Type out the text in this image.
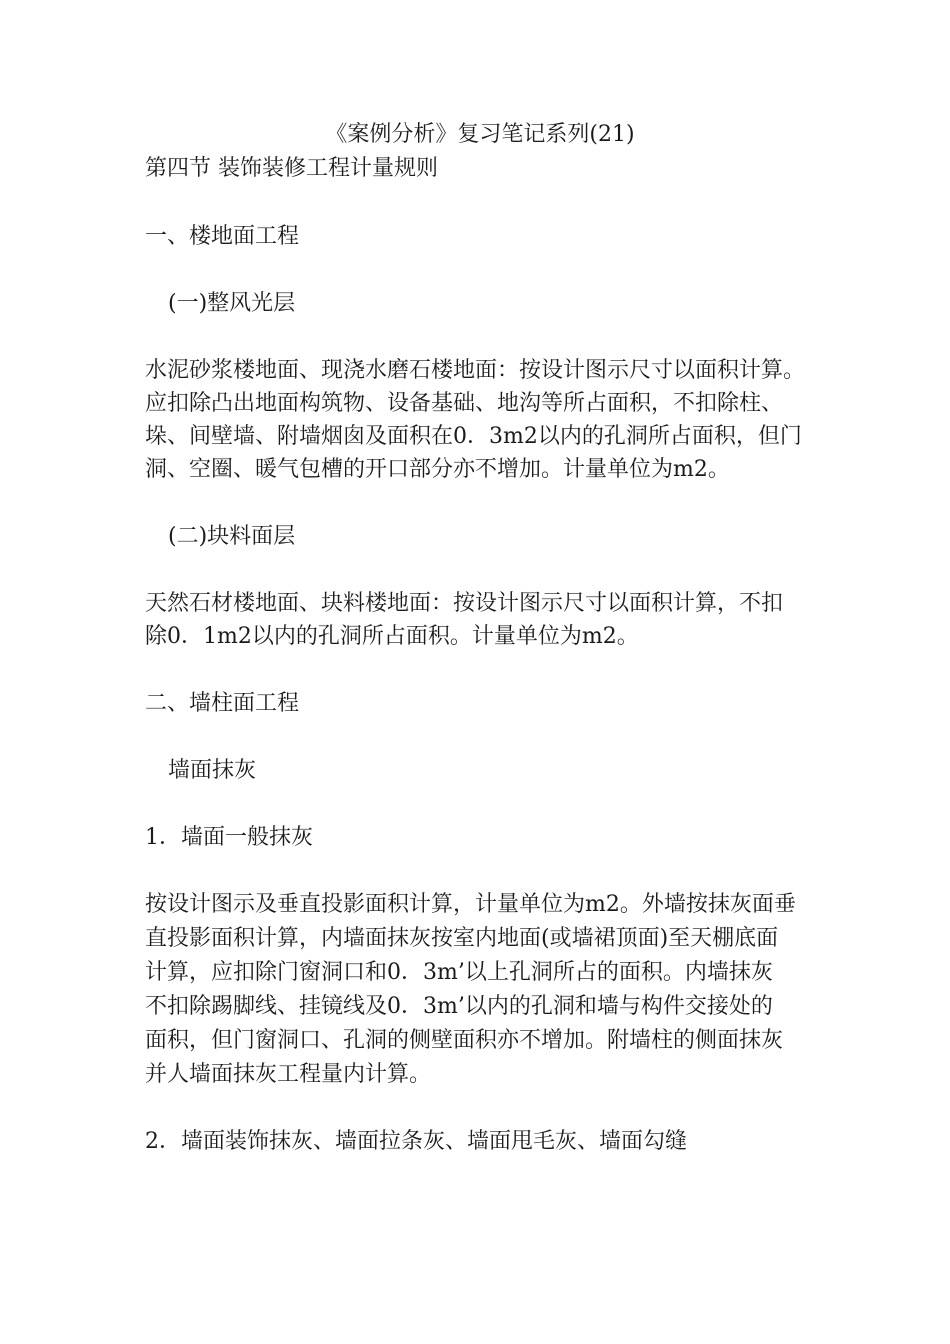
《案例分析》复习笔记系列(21)
第四节 装饰装修工程计量规则
一、楼地面工程
(一)整风光层
水泥砂浆楼地面、现浇水磨石楼地面：按设计图示尺寸以面积计算。
应扣除凸出地面构筑物、设备基础、地沟等所占面积，不扣除柱、
垛、间壁墙、附墙烟囱及面积在0．3m2以内的孔洞所占面积，但门
洞、空圈、暖气包槽的开口部分亦不增加。计量单位为m2。
(二)块料面层
天然石材楼地面、块料楼地面：按设计图示尺寸以面积计算，不扣
除0．1m2以内的孔洞所占面积。计量单位为m2。
二、墙柱面工程
墙面抹灰
1．墙面一般抹灰
按设计图示及垂直投影面积计算，计量单位为m2。外墙按抹灰面垂
直投影面积计算，内墙面抹灰按室内地面(或墙裙顶面)至天棚底面
计算，应扣除门窗洞口和0．3m’以上孔洞所占的面积。内墙抹灰
不扣除踢脚线、挂镜线及0．3m’以内的孔洞和墙与构件交接处的
面积，但门窗洞口、孔洞的侧壁面积亦不增加。附墙柱的侧面抹灰
并人墙面抹灰工程量内计算。
2．墙面装饰抹灰、墙面拉条灰、墙面甩毛灰、墙面勾缝
